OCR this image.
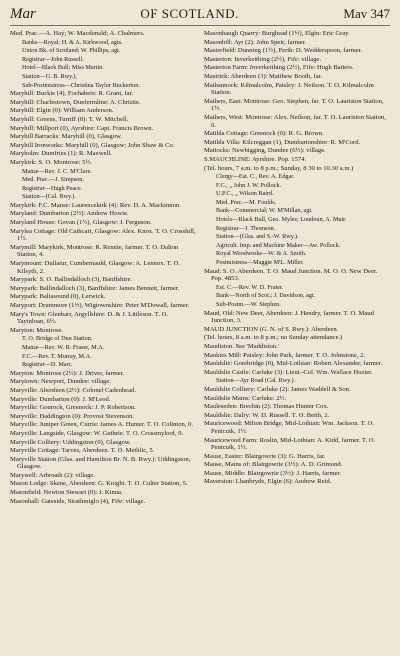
Mar	OF SCOTLAND.	Mav 347
Med. Prac.—A. Hay; W. Macdonald; A. Chalmers.
Banks—Royal; H. & A. Kirkwood, agts.
Union Bk. of Scotland; W. Phillips, agt.
Registrar—John Russell.
Hotel—Black Bull; Miss Martin.
Station—G. B. Rwy.),
Sub-Postmistress—Christina Taylor Buckerton.
Maryhill: Buckie (4), Fochabers: R. Grant, far.
Maryhill: Charlestown, Dunfermline: A. Christie.
Maryhill: Elgin (0): William Anderson.
Maryhill: Greens, Turriff (0): T. W. Mitchell.
Maryhill: Millport (0), Ayrshire: Capt. Francis Brown.
Maryhill Barracks: Maryhill (0), Glasgow.
Maryhill Ironworks: Maryhill (0), Glasgow: John Shaw & Co.
Maryholm: Dumfries (1): R. Maxwell.
Marykirk: S. O. Montrose: 5½.
Manse—Rev. J. C. M'Clure.
Med. Prac.—J. Simpson.
Registrar—Hugh Peace.
Station—(Cal. Rwy.).
Marykirk: F.C. Manse: Laurencekirk (4): Rev. D. A. Mackinnon.
Maryland: Dumbarton (2½): Andrew Howie.
Maryland House: Govan (1½), Glasgow: J. Ferguson.
Marylea Cottage: Old Cathcart, Glasgow: Alex. Knox. T. O. Crosshill, 1½.
Marymill: Marykirk, Montrose: R. Rennie, farmer. T. O. Dalton Station, 4.
Marymount: Dullatur, Cumbernauld, Glasgow: A. Lennox. T. O. Kilsyth, 2.
Marypark: S. O. Ballindalloch (3), Banffshire.
Marypark: Ballindalloch (3), Banffshire: James Bennett, farmer.
Marypark: Baltasound (0), Lerwick.
Maryport: Drummore (1½), Wigtownshire: Peter M'Dowall, farmer.
Mary's Town: Glenbarr, Argyllshire: D. & J. Littleson. T. O. Tayinloan, 6½.
Maryton: Montrose.
T. O. Bridge of Dun Station.
Manse—Rev. W. R. Fraser, M.A.
F.C.—Rev. T. Murray, M.A.
Registrar—D. Marr.
Maryton: Montrose (2½): J. Driver, farmer.
Marytown: Newport, Dundee: village.
Maryville: Aberdeen (2½): Colonel Cadenhead.
Maryville: Dumbarton (0): J. M'Leod.
Maryville: Gourock, Greenock: J. P. Robertson.
Maryville: Haddington (0): Provost Stevenson.
Maryville: Juniper Green, Currie: James A. Hunter. T. O. Colinton, 0.
Maryville: Langside, Glasgow: W. Guthrie. T. O. Crossmyloof, 0.
Maryville Colliery: Uddingston (0), Glasgow.
Maryville Cottage: Tarves, Aberdeen. T. O. Methlic, 5.
Maryville Station (Glas. and Hamilton Br. N. B. Rwy.): Uddingston, Glasgow.
Marywell: Arbroath (2): village.
Mason Lodge: Skene, Aberdeen: G. Knight. T. O. Culter Station, 5.
Masonfield: Newton Stewart (0): J. Kinna.
Masonhall: Gateside, Strathmiglo (4), Fife: village.
Masonhaugh Quarry: Burghead (1½), Elgin: Eric Gray.
Masonhill: Ayr (2): John Speir, farmer.
Masterfield: Dunning (1½), Perth: D. Wedderspoon, farmer.
Masterton: Inverkeithing (2½), Fife: village.
Masterton Farm: Inverkeithing (2½), Fife: Hugh Batters.
Mastrick: Aberdeen (3): Matthew Booth, far.
Mathannock: Kilmalcolm, Paisley: J. Neilson. T. O. Kilmalcolm Station.
Mathers, East: Montrose: Geo. Stephen, far. T. O. Lauriston Station, 1½.
Mathers, West: Montrose: Alex. Neilson, far. T. O. Lauriston Station, 0.
Matilda Cottage: Greenock (0): R. G. Brown.
Matilda Villa: Kilcreggan (1), Dumbartonshire: R. M'Cord.
Mattocks: Newbigging, Dundee (6½): village.
S.MAUCHLINE: Ayrshire. Pop. 1574.
(Tel. hours, 7 a.m. to 8 p.m.; Sunday, 8 30 to 10.30 a.m.)
Clergy—Est. C., Rev. A. Edgar.
F.C., „ John J. W. Pollock.
U.P.C., „ Wilson Baird.
Med. Prac.—M. Foulds.
Bank—Commercial; W. M'Millan, agt.
Hotels—Black Bull, Geo. Myles; Loudoun, A. Muir.
Registrar—J. Thomson.
Station—(Glas. and S.-W. Rwy.).
Agricult. Imp. and Machine Maker—Aw. Pollock.
Royal Woodworks—W. & A. Smith.
Postmistress—Maggie M'L. Miller.
Maud: S. O. Aberdeen. T. O. Maud Junction. M. O. O. New Deer. Pop. 4853.
Est. C.—Rev. W. D. Frater.
Bank—North of Scot.; J. Davidson, agt.
Sub-Postm.—W. Stephen.
Maud, Old: New Deer, Aberdeen: J. Hendry, farmer. T. O. Maud Junction, 3.
MAUD JUNCTION (G. N. of S. Rwy.): Aberdeen.
(Tel. hours, 8 a.m. to 8 p.m.; no Sunday attendance.)
Maudiston. See 'Maddiston.'
Maukies Mill: Paisley: John Park, farmer. T. O. Johnstone, 2.
Mauldslie: Gorebridge (0), Mid-Lothian: Robert Alexander, farmer.
Mauldslie Castle: Carluke (3): Lieut.-Col. Wm. Wallace Hozier.
Station—Ayr Road (Cal. Rwy.).
Mauldslie Colliery: Carluke (2): James Waddell & Son.
Mauldslie Mains: Carluke: 2½.
Mauleseden: Brechin (2): Thomas Hunter Cox.
Mauldslie: Dalry: W. D. Russell. T. O. Beith, 2.
Mauricewood: Milton Bridge, Mid-Lothian: Wm. Jackson. T. O. Penicuik, 1½.
Mauricewood Farm: Roslin, Mid-Lothian: A. Kidd, farmer. T. O. Penicuik, 1½.
Mause, Easter: Blairgowrie (3): G. Harris, far.
Mause, Mains of: Blairgowrie (3½): A. D. Grimond.
Mause, Middle: Blairgowrie (3½): J. Harris, farmer.
Maverston: Lhanbryde, Elgin (6): Andrew Reid.
